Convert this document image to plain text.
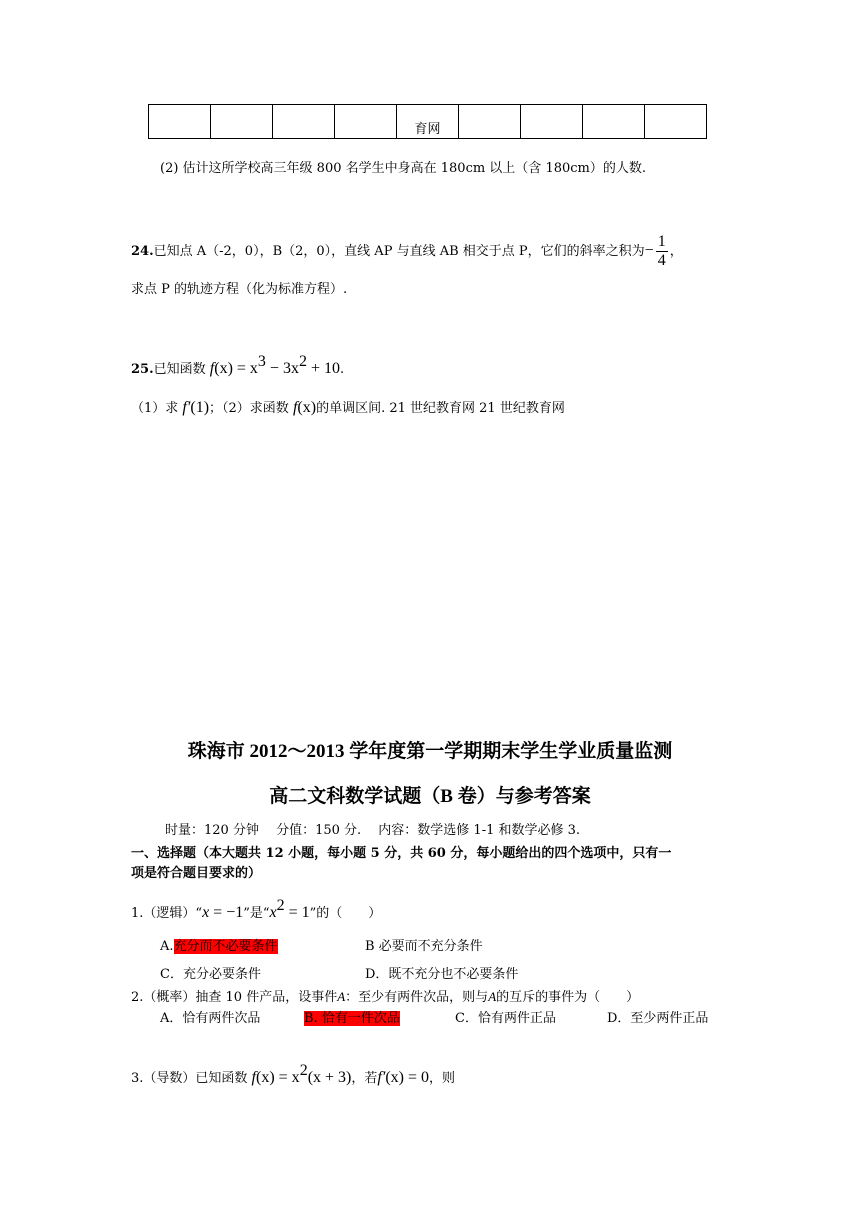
				育网				
(2) 估计这所学校高三年级 800 名学生中身高在 180cm 以上（含 180cm）的人数.
24.已知点 A（-2，0），B（2，0），直线 AP 与直线 AB 相交于点 P，它们的斜率之积为− $\frac{1}{4}$ ，
求点 P 的轨迹方程（化为标准方程）.
25.已知函数 $f(x) = x^3 - 3x^2 + 10$.
（1）求 f′(1)；（2）求函数 f(x)的单调区间. 21 世纪教育网 21 世纪教育网
珠海市 2012～2013 学年度第一学期期末学生学业质量监测
高二文科数学试题（B 卷）与参考答案
时量：120 分钟　 分值：150 分.　 内容：数学选修 1-1 和数学必修 3.
一、选择题（本大题共 12 小题，每小题 5 分，共 60 分，每小题给出的四个选项中，只有一
项是符合题目要求的）
1.（逻辑）“x = −1”是“$x^2 = 1$”的（　　）
A.充分而不必要条件	B 必要而不充分条件
C．充分必要条件	D．既不充分也不必要条件
2.（概率）抽查 10 件产品，设事件A：至少有两件次品，则与A的互斥的事件为（　　）
A．恰有两件次品	B. 恰有一件次品	C．恰有两件正品	D．至少两件正品
3.（导数）已知函数 $f(x) = x^2(x + 3)$，若f′(x) = 0，则
